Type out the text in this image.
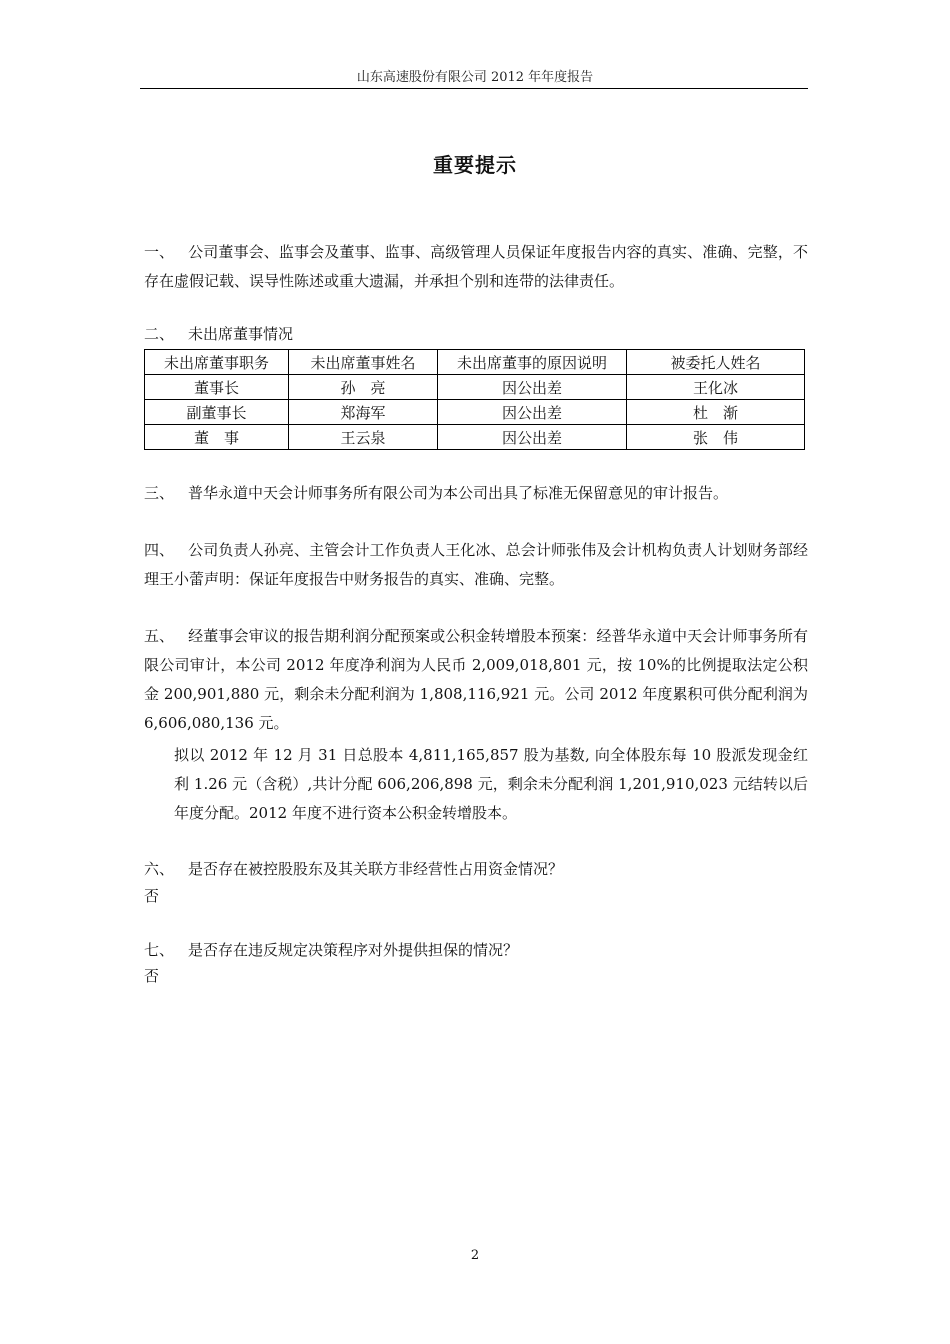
山东高速股份有限公司 2012 年年度报告
重要提示

一、 公司董事会、监事会及董事、监事、高级管理人员保证年度报告内容的真实、准确、完整，不存在虚假记载、误导性陈述或重大遗漏，并承担个别和连带的法律责任。

二、 未出席董事情况

未出席董事职务	未出席董事姓名	未出席董事的原因说明	被委托人姓名
董事长	孙　亮	因公出差	王化冰
副董事长	郑海军	因公出差	杜　渐
董　事	王云泉	因公出差	张　伟

三、 普华永道中天会计师事务所有限公司为本公司出具了标准无保留意见的审计报告。

四、 公司负责人孙亮、主管会计工作负责人王化冰、总会计师张伟及会计机构负责人计划财务部经理王小蕾声明：保证年度报告中财务报告的真实、准确、完整。

五、 经董事会审议的报告期利润分配预案或公积金转增股本预案：经普华永道中天会计师事务所有限公司审计，本公司 2012 年度净利润为人民币 2,009,018,801 元，按 10%的比例提取法定公积金 200,901,880 元，剩余未分配利润为 1,808,116,921 元。公司 2012 年度累积可供分配利润为 6,606,080,136 元。

拟以 2012 年 12 月 31 日总股本 4,811,165,857 股为基数, 向全体股东每 10 股派发现金红利 1.26 元（含税）,共计分配 606,206,898 元，剩余未分配利润 1,201,910,023 元结转以后年度分配。2012 年度不进行资本公积金转增股本。

六、 是否存在被控股股东及其关联方非经营性占用资金情况？

否

七、 是否存在违反规定决策程序对外提供担保的情况？

否

2
